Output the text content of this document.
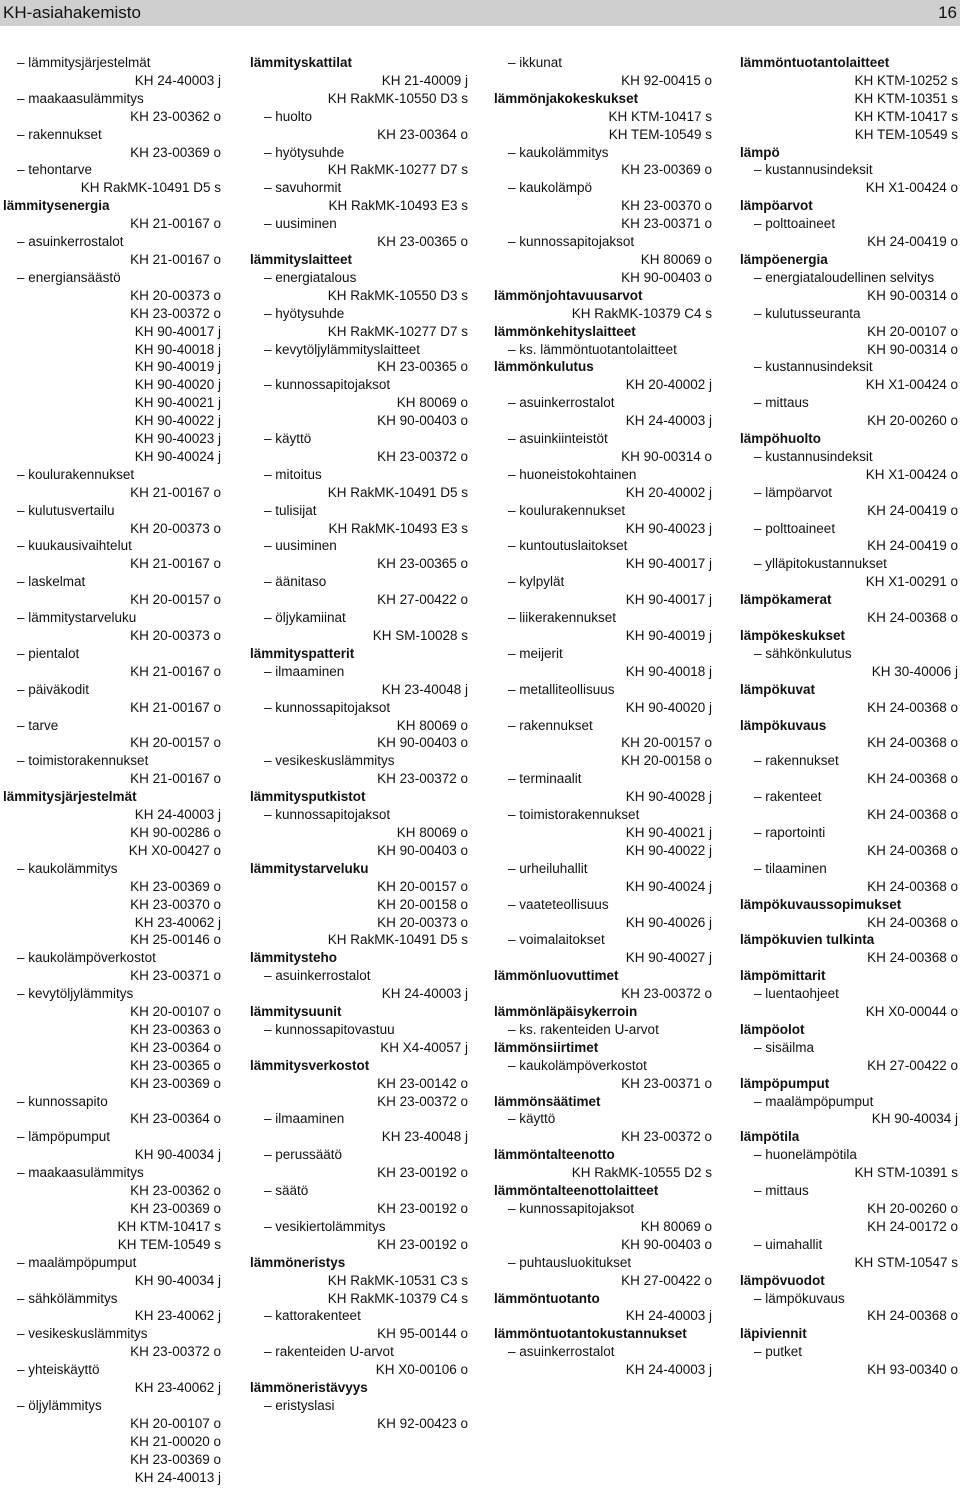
KH-asiahakemisto	16
– lämmitysjärjestelmät
KH 24-40003 j
– maakaasulämmitys
KH 23-00362 o
– rakennukset
KH 23-00369 o
– tehontarve
KH RakMK-10491 D5 s
lämmitysenergia
KH 21-00167 o
– asuinkerrostalot
KH 21-00167 o
– energiansäästö
KH 20-00373 o
KH 23-00372 o
KH 90-40017 j
KH 90-40018 j
KH 90-40019 j
KH 90-40020 j
KH 90-40021 j
KH 90-40022 j
KH 90-40023 j
KH 90-40024 j
– koulurakennukset
KH 21-00167 o
– kulutusvertailu
KH 20-00373 o
– kuukausivaihtelut
KH 21-00167 o
– laskelmat
KH 20-00157 o
– lämmitystarveluku
KH 20-00373 o
– pientalot
KH 21-00167 o
– päiväkodit
KH 21-00167 o
– tarve
KH 20-00157 o
– toimistorakennukset
KH 21-00167 o
lämmitysjärjestelmät
KH 24-40003 j
KH 90-00286 o
KH X0-00427 o
– kaukolämmitys
KH 23-00369 o
KH 23-00370 o
KH 23-40062 j
KH 25-00146 o
– kaukolämpöverkostot
KH 23-00371 o
– kevytöljylämmitys
KH 20-00107 o
KH 23-00363 o
KH 23-00364 o
KH 23-00365 o
KH 23-00369 o
– kunnossapito
KH 23-00364 o
– lämpöpumput
KH 90-40034 j
– maakaasulämmitys
KH 23-00362 o
KH 23-00369 o
KH KTM-10417 s
KH TEM-10549 s
– maalämpöpumput
KH 90-40034 j
– sähkölämmitys
KH 23-40062 j
– vesikeskuslämmitys
KH 23-00372 o
– yhteiskäyttö
KH 23-40062 j
– öljylämmitys
KH 20-00107 o
KH 21-00020 o
KH 23-00369 o
KH 24-40013 j
lämmityskattilat
KH 21-40009 j
KH RakMK-10550 D3 s
– huolto
KH 23-00364 o
– hyötysuhde
KH RakMK-10277 D7 s
– savuhormit
KH RakMK-10493 E3 s
– uusiminen
KH 23-00365 o
lämmityslaitteet
– energiatalous
KH RakMK-10550 D3 s
– hyötysuhde
KH RakMK-10277 D7 s
– kevytöljylämmityslaitteet
KH 23-00365 o
– kunnossapitojaksot
KH 80069 o
KH 90-00403 o
– käyttö
KH 23-00372 o
– mitoitus
KH RakMK-10491 D5 s
– tulisijat
KH RakMK-10493 E3 s
– uusiminen
KH 23-00365 o
– äänitaso
KH 27-00422 o
– öljykamiinat
KH SM-10028 s
lämmityspatterit
– ilmaaminen
KH 23-40048 j
– kunnossapitojaksot
KH 80069 o
KH 90-00403 o
– vesikeskuslämmitys
KH 23-00372 o
lämmitysputkistot
– kunnossapitojaksot
KH 80069 o
KH 90-00403 o
lämmitystarveluku
KH 20-00157 o
KH 20-00158 o
KH 20-00373 o
KH RakMK-10491 D5 s
lämmitysteho
– asuinkerrostalot
KH 24-40003 j
lämmitysuunit
– kunnossapitovastuu
KH X4-40057 j
lämmitysverkostot
KH 23-00142 o
KH 23-00372 o
– ilmaaminen
KH 23-40048 j
– perussäätö
KH 23-00192 o
– säätö
KH 23-00192 o
– vesikiertolämmitys
KH 23-00192 o
lämmöneristys
KH RakMK-10531 C3 s
KH RakMK-10379 C4 s
– kattorakenteet
KH 95-00144 o
– rakenteiden U-arvot
KH X0-00106 o
lämmöneristävyys
– eristyslasi
KH 92-00423 o
– ikkunat
KH 92-00415 o
lämmönjakokeskukset
KH KTM-10417 s
KH TEM-10549 s
– kaukolämmitys
KH 23-00369 o
– kaukolämpö
KH 23-00370 o
KH 23-00371 o
– kunnossapitojaksot
KH 80069 o
KH 90-00403 o
lämmönjohtavuusarvot
KH RakMK-10379 C4 s
lämmönkehityslaitteet
– ks. lämmöntuotantolaitteet
lämmönkulutus
KH 20-40002 j
– asuinkerrostalot
KH 24-40003 j
– asuinkiinteistöt
KH 90-00314 o
– huoneistokohtainen
KH 20-40002 j
– koulurakennukset
KH 90-40023 j
– kuntoutuslaitokset
KH 90-40017 j
– kylpylät
KH 90-40017 j
– liikerakennukset
KH 90-40019 j
– meijerit
KH 90-40018 j
– metalliteollisuus
KH 90-40020 j
– rakennukset
KH 20-00157 o
KH 20-00158 o
– terminaalit
KH 90-40028 j
– toimistorakennukset
KH 90-40021 j
KH 90-40022 j
– urheiluhallit
KH 90-40024 j
– vaateteollisuus
KH 90-40026 j
– voimalaitokset
KH 90-40027 j
lämmönluovuttimet
KH 23-00372 o
lämmönläpäisykerroin
– ks. rakenteiden U-arvot
lämmönsiirtimet
– kaukolämpöverkostot
KH 23-00371 o
lämmönsäätimet
– käyttö
KH 23-00372 o
lämmöntalteenotto
KH RakMK-10555 D2 s
lämmöntalteenottolaitteet
– kunnossapitojaksot
KH 80069 o
KH 90-00403 o
– puhtausluokitukset
KH 27-00422 o
lämmöntuotanto
KH 24-40003 j
lämmöntuotantokustannukset
– asuinkerrostalot
KH 24-40003 j
lämmöntuotantolaitteet
KH KTM-10252 s
KH KTM-10351 s
KH KTM-10417 s
KH TEM-10549 s
lämpö
– kustannusindeksit
KH X1-00424 o
lämpöarvot
– polttoaineet
KH 24-00419 o
lämpöenergia
– energiataloudellinen selvitys
KH 90-00314 o
– kulutusseuranta
KH 20-00107 o
KH 90-00314 o
– kustannusindeksit
KH X1-00424 o
– mittaus
KH 20-00260 o
lämpöhuolto
– kustannusindeksit
KH X1-00424 o
– lämpöarvot
KH 24-00419 o
– polttoaineet
KH 24-00419 o
– ylläpitokustannukset
KH X1-00291 o
lämpökamerat
KH 24-00368 o
lämpökeskukset
– sähkönkulutus
KH 30-40006 j
lämpökuvat
KH 24-00368 o
lämpökuvaus
KH 24-00368 o
– rakennukset
KH 24-00368 o
– rakenteet
KH 24-00368 o
– raportointi
KH 24-00368 o
– tilaaminen
KH 24-00368 o
lämpökuvaussopimukset
KH 24-00368 o
lämpökuvien tulkinta
KH 24-00368 o
lämpömittarit
– luentaohjeet
KH X0-00044 o
lämpöolot
– sisäilma
KH 27-00422 o
lämpöpumput
– maalämpöpumput
KH 90-40034 j
lämpötila
– huonelämpötila
KH STM-10391 s
– mittaus
KH 20-00260 o
KH 24-00172 o
– uimahallit
KH STM-10547 s
lämpövuodot
– lämpökuvaus
KH 24-00368 o
läpiviennit
– putket
KH 93-00340 o
